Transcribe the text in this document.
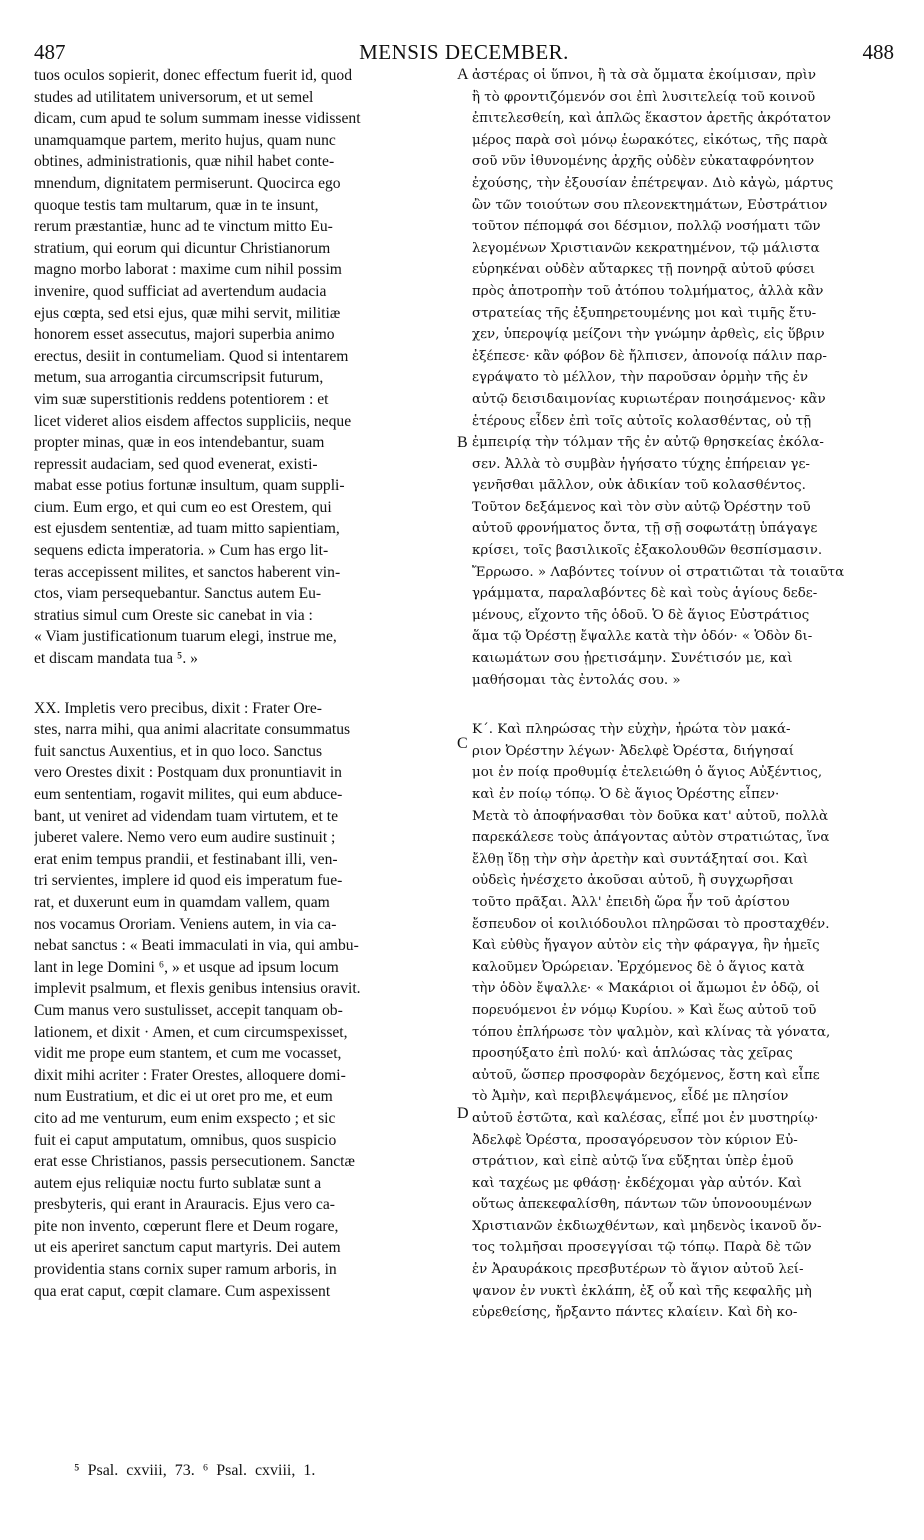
487	MENSIS DECEMBER.	488

tuos oculos sopierit, donec effectum fuerit id, quod
studes ad utilitatem universorum, et ut semel
dicam, cum apud te solum summam inesse vidissent
unamquamque partem, merito hujus, quam nunc
obtines, administrationis, quæ nihil habet conte-
mnendum, dignitatem permiserunt. Quocirca ego
quoque testis tam multarum, quæ in te insunt,
rerum præstantiæ, hunc ad te vinctum mitto Eu-
stratium, qui eorum qui dicuntur Christianorum
magno morbo laborat : maxime cum nihil possim
invenire, quod sufficiat ad avertendum audacia
ejus cœpta, sed etsi ejus, quæ mihi servit, militiæ
honorem esset assecutus, majori superbia animo
erectus, desiit in contumeliam. Quod si intentarem
metum, sua arrogantia circumscripsit futurum,
vim suæ superstitionis reddens potentiorem : et
licet videret alios eisdem affectos suppliciis, neque
propter minas, quæ in eos intendebantur, suam
repressit audaciam, sed quod evenerat, existi-
mabat esse potius fortunæ insultum, quam suppli-
cium. Eum ergo, et qui cum eo est Orestem, qui
est ejusdem sententiæ, ad tuam mitto sapientiam,
sequens edicta imperatoria. » Cum has ergo lit-
teras accepissent milites, et sanctos haberent vin-
ctos, viam persequebantur. Sanctus autem Eu-
stratius simul cum Oreste sic canebat in via :
« Viam justificationum tuarum elegi, instrue me,
et discam mandata tua ⁵. »

XX. Impletis vero precibus, dixit : Frater Ore-
stes, narra mihi, qua animi alacritate consummatus
fuit sanctus Auxentius, et in quo loco. Sanctus
vero Orestes dixit : Postquam dux pronuntiavit in
eum sententiam, rogavit milites, qui eum abduce-
bant, ut veniret ad videndam tuam virtutem, et te
juberet valere. Nemo vero eum audire sustinuit ;
erat enim tempus prandii, et festinabant illi, ven-
tri servientes, implere id quod eis imperatum fue-
rat, et duxerunt eum in quamdam vallem, quam
nos vocamus Ororiam. Veniens autem, in via ca-
nebat sanctus : « Beati immaculati in via, qui ambu-
lant in lege Domini ⁶, » et usque ad ipsum locum
implevit psalmum, et flexis genibus intensius oravit.
Cum manus vero sustulisset, accepit tanquam ob-
lationem, et dixit · Amen, et cum circumspexisset,
vidit me prope eum stantem, et cum me vocasset,
dixit mihi acriter : Frater Orestes, alloquere domi-
num Eustratium, et dic ei ut oret pro me, et eum
cito ad me venturum, eum enim exspecto ; et sic
fuit ei caput amputatum, omnibus, quos suspicio
erat esse Christianos, passis persecutionem. Sanctæ
autem ejus reliquiæ noctu furto sublatæ sunt a
presbyteris, qui erant in Arauracis. Ejus vero ca-
pite non invento, cœperunt flere et Deum rogare,
ut eis aperiret sanctum caput martyris. Dei autem
providentia stans cornix super ramum arboris, in
qua erat caput, cœpit clamare. Cum aspexissent

ἀστέρας οἱ ὕπνοι, ἢ τὰ σὰ ὄμματα ἐκοίμισαν, πρὶν
ἢ τὸ φροντιζόμενόν σοι ἐπὶ λυσιτελείᾳ τοῦ κοινοῦ
ἐπιτελεσθείη, καὶ ἁπλῶς ἕκαστον ἀρετῆς ἀκρότατον
μέρος παρὰ σοὶ μόνῳ ἑωρακότες, εἰκότως, τῆς παρὰ
σοῦ νῦν ἰθυνομένης ἀρχῆς οὐδὲν εὐκαταφρόνητον
ἐχούσης, τὴν ἐξουσίαν ἐπέτρεψαν. Διὸ κἀγὼ, μάρτυς
ὢν τῶν τοιούτων σου πλεονεκτημάτων, Εὐστράτιον
τοῦτον πέπομφά σοι δέσμιον, πολλῷ νοσήματι τῶν
λεγομένων Χριστιανῶν κεκρατημένον, τῷ μάλιστα
εὑρηκέναι οὐδὲν αὔταρκες τῇ πονηρᾷ αὐτοῦ φύσει
πρὸς ἀποτροπὴν τοῦ ἀτόπου τολμήματος, ἀλλὰ κἂν
στρατείας τῆς ἐξυπηρετουμένης μοι καὶ τιμῆς ἔτυ-
χεν, ὑπεροψίᾳ μείζονι τὴν γνώμην ἀρθεὶς, εἰς ὕβριν
ἐξέπεσε· κἂν φόβον δὲ ἤλπισεν, ἀπονοίᾳ πάλιν παρ-
εγράψατο τὸ μέλλον, τὴν παροῦσαν ὁρμὴν τῆς ἐν
αὐτῷ δεισιδαιμονίας κυριωτέραν ποιησάμενος· κἂν
ἑτέρους εἶδεν ἐπὶ τοῖς αὐτοῖς κολασθέντας, οὐ τῇ
ἐμπειρίᾳ τὴν τόλμαν τῆς ἐν αὐτῷ θρησκείας ἐκόλα-
σεν. Ἀλλὰ τὸ συμβὰν ἡγήσατο τύχης ἐπήρειαν γε-
γενῆσθαι μᾶλλον, οὐκ ἀδικίαν τοῦ κολασθέντος.
Τοῦτον δεξάμενος καὶ τὸν σὺν αὐτῷ Ὀρέστην τοῦ
αὐτοῦ φρονήματος ὄντα, τῇ σῇ σοφωτάτῃ ὑπάγαγε
κρίσει, τοῖς βασιλικοῖς ἐξακολουθῶν θεσπίσμασιν.
Ἔρρωσο. » Λαβόντες τοίνυν οἱ στρατιῶται τὰ τοιαῦτα
γράμματα, παραλαβόντες δὲ καὶ τοὺς ἁγίους δεδε-
μένους, εἴχοντο τῆς ὁδοῦ. Ὁ δὲ ἅγιος Εὐστράτιος
ἅμα τῷ Ὀρέστῃ ἔψαλλε κατὰ τὴν ὁδόν· « Ὁδὸν δι-
καιωμάτων σου ᾑρετισάμην. Συνέτισόν με, καὶ
μαθήσομαι τὰς ἐντολάς σου. »

Κ΄. Καὶ πληρώσας τὴν εὐχὴν, ἠρώτα τὸν μακά-
ριον Ὀρέστην λέγων· Ἀδελφὲ Ὀρέστα, διήγησαί
μοι ἐν ποίᾳ προθυμίᾳ ἐτελειώθη ὁ ἅγιος Αὐξέντιος,
καὶ ἐν ποίῳ τόπῳ. Ὁ δὲ ἅγιος Ὀρέστης εἶπεν·
Μετὰ τὸ ἀποφήνασθαι τὸν δοῦκα κατ' αὐτοῦ, πολλὰ
παρεκάλεσε τοὺς ἀπάγοντας αὐτὸν στρατιώτας, ἵνα
ἔλθῃ ἴδῃ τὴν σὴν ἀρετὴν καὶ συντάξηταί σοι. Καὶ
οὐδεὶς ἠνέσχετο ἀκοῦσαι αὐτοῦ, ἢ συγχωρῆσαι
τοῦτο πρᾶξαι. Ἀλλ' ἐπειδὴ ὥρα ἦν τοῦ ἀρίστου
ἔσπευδον οἱ κοιλιόδουλοι πληρῶσαι τὸ προσταχθέν.
Καὶ εὐθὺς ἤγαγον αὐτὸν εἰς τὴν φάραγγα, ἣν ἡμεῖς
καλοῦμεν Ὀρώρειαν. Ἐρχόμενος δὲ ὁ ἅγιος κατὰ
τὴν ὁδὸν ἔψαλλε· « Μακάριοι οἱ ἄμωμοι ἐν ὁδῷ, οἱ
πορευόμενοι ἐν νόμῳ Κυρίου. » Καὶ ἕως αὐτοῦ τοῦ
τόπου ἐπλήρωσε τὸν ψαλμὸν, καὶ κλίνας τὰ γόνατα,
προσηύξατο ἐπὶ πολύ· καὶ ἁπλώσας τὰς χεῖρας
αὐτοῦ, ὥσπερ προσφορὰν δεχόμενος, ἔστη καὶ εἶπε
τὸ Ἀμὴν, καὶ περιβλεψάμενος, εἶδέ με πλησίον
αὐτοῦ ἑστῶτα, καὶ καλέσας, εἶπέ μοι ἐν μυστηρίῳ·
Ἀδελφὲ Ὀρέστα, προσαγόρευσον τὸν κύριον Εὐ-
στράτιον, καὶ εἰπὲ αὐτῷ ἵνα εὔξηται ὑπὲρ ἐμοῦ
καὶ ταχέως με φθάσῃ· ἐκδέχομαι γὰρ αὐτόν. Καὶ
οὕτως ἀπεκεφαλίσθη, πάντων τῶν ὑπονοουμένων
Χριστιανῶν ἐκδιωχθέντων, καὶ μηδενὸς ἱκανοῦ ὄν-
τος τολμῆσαι προσεγγίσαι τῷ τόπῳ. Παρὰ δὲ τῶν
ἐν Ἀραυράκοις πρεσβυτέρων τὸ ἅγιον αὐτοῦ λεί-
ψανον ἐν νυκτὶ ἐκλάπη, ἐξ οὗ καὶ τῆς κεφαλῆς μὴ
εὑρεθείσης, ἤρξαντο πάντες κλαίειν. Καὶ δὴ κο-

A
B
C
D
⁵ Psal. cxviii, 73. ⁶ Psal. cxviii, 1.
